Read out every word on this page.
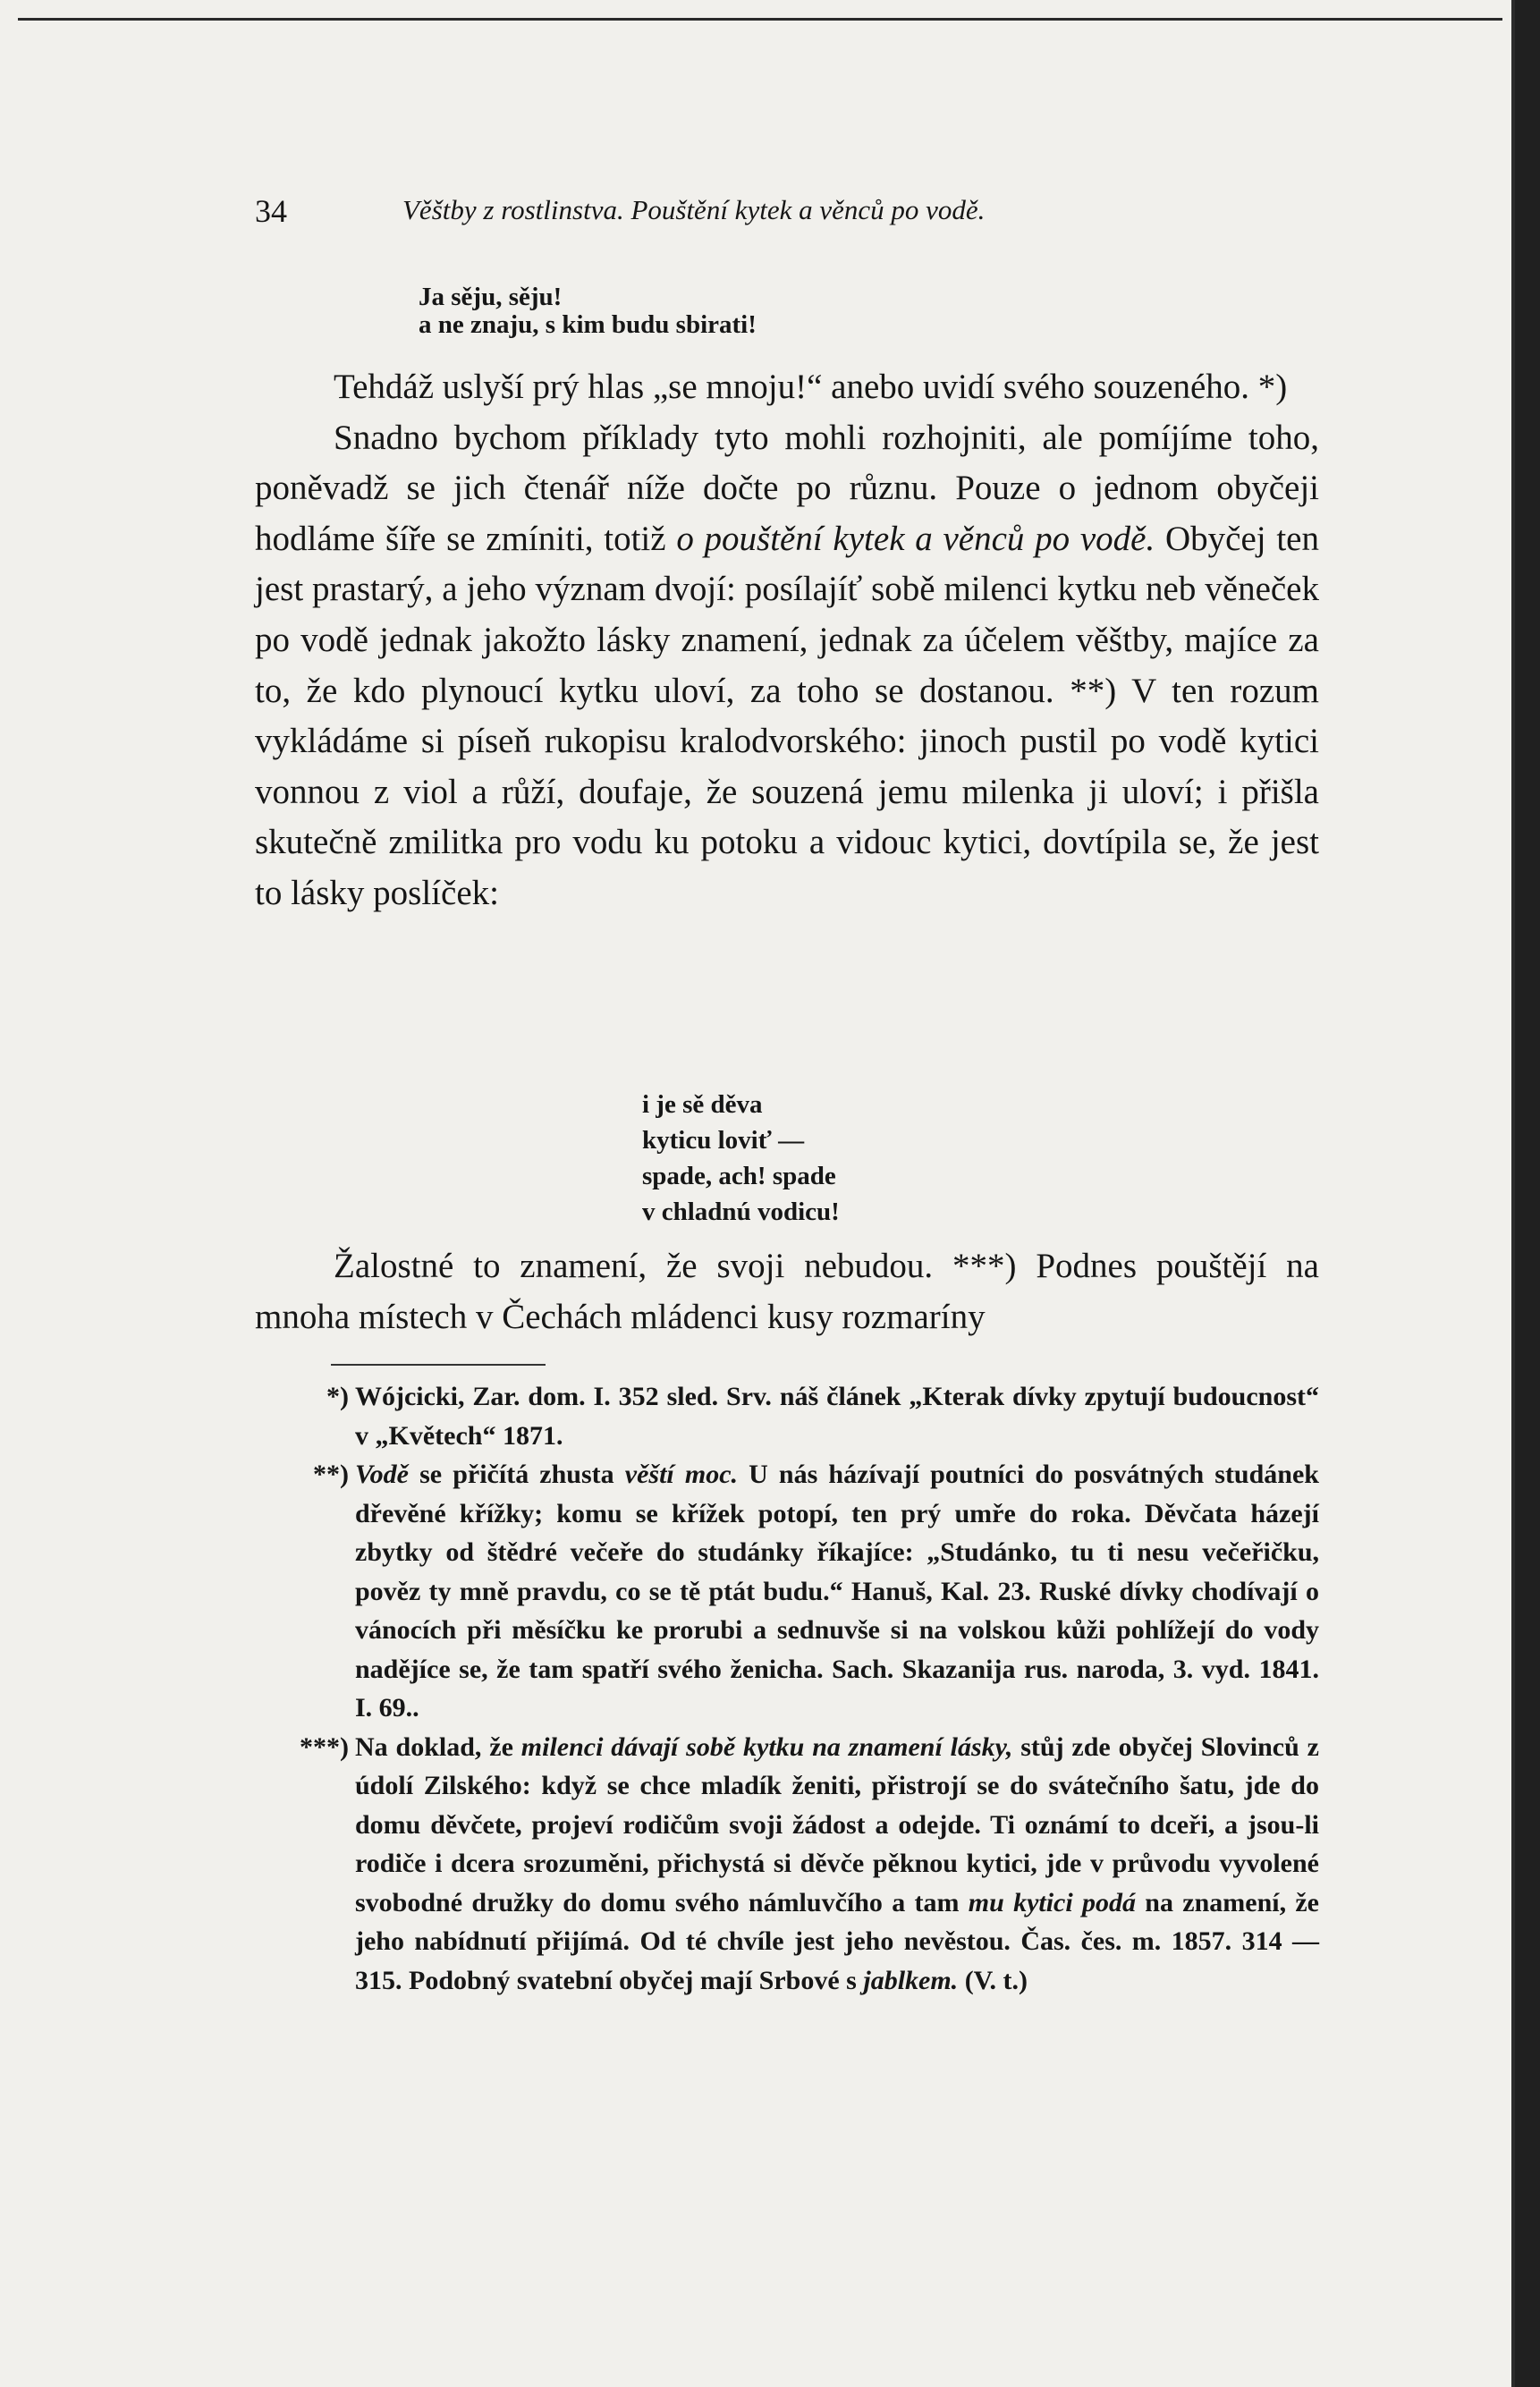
34	Věštby z rostlinstva. Pouštění kytek a věnců po vodě.
Ja sěju, sěju!
a ne znaju, s kim budu sbirati!

Tehdáž uslyší prý hlas „se mnoju!“ anebo uvidí svého souzeného. *)

Snadno bychom příklady tyto mohli rozhojniti, ale pomíjíme toho, poněvadž se jich čtenář níže dočte po různu. Pouze o jednom obyčeji hodláme šíře se zmíniti, totiž o pouštění kytek a věnců po vodě. Obyčej ten jest prastarý, a jeho význam dvojí: posílajíť sobě milenci kytku neb věneček po vodě jednak jakožto lásky znamení, jednak za účelem věštby, majíce za to, že kdo plynoucí kytku uloví, za toho se dostanou. **) V ten rozum vykládáme si píseň rukopisu kralodvorského: jinoch pustil po vodě kytici vonnou z viol a růží, doufaje, že souzená jemu milenka ji uloví; i přišla skutečně zmilitka pro vodu ku potoku a vidouc kytici, dovtípila se, že jest to lásky poslíček:

i je sě děva
kyticu loviť —
spade, ach! spade
v chladnú vodicu!

Žalostné to znamení, že svoji nebudou. ***) Podnes pouštějí na mnoha místech v Čechách mládenci kusy rozmaríny

*) Wójcicki, Zar. dom. I. 352 sled. Srv. náš článek „Kterak dívky zpytují budoucnost“ v „Květech“ 1871.

**) Vodě se přičítá zhusta věští moc. U nás házívají poutníci do posvátných studánek dřevěné křížky; komu se křížek potopí, ten prý umře do roka. Děvčata házejí zbytky od štědré večeře do studánky říkajíce: „Studánko, tu ti nesu večeřičku, pověz ty mně pravdu, co se tě ptát budu.“ Hanuš, Kal. 23. Ruské dívky chodívají o vánocích při měsíčku ke prorubi a sednuvše si na volskou kůži pohlížejí do vody nadějíce se, že tam spatří svého ženicha. Sach. Skazanija rus. naroda, 3. vyd. 1841. I. 69..

***) Na doklad, že milenci dávají sobě kytku na znamení lásky, stůj zde obyčej Slovinců z údolí Zilského: když se chce mladík ženiti, přistrojí se do svátečního šatu, jde do domu děvčete, projeví rodičům svoji žádost a odejde. Ti oznámí to dceři, a jsou-li rodiče i dcera srozuměni, přichystá si děvče pěknou kytici, jde v průvodu vyvolené svobodné družky do domu svého námluvčího a tam mu kytici podá na znamení, že jeho nabídnutí přijímá. Od té chvíle jest jeho nevěstou. Čas. čes. m. 1857. 314 — 315. Podobný svatební obyčej mají Srbové s jablkem. (V. t.)
